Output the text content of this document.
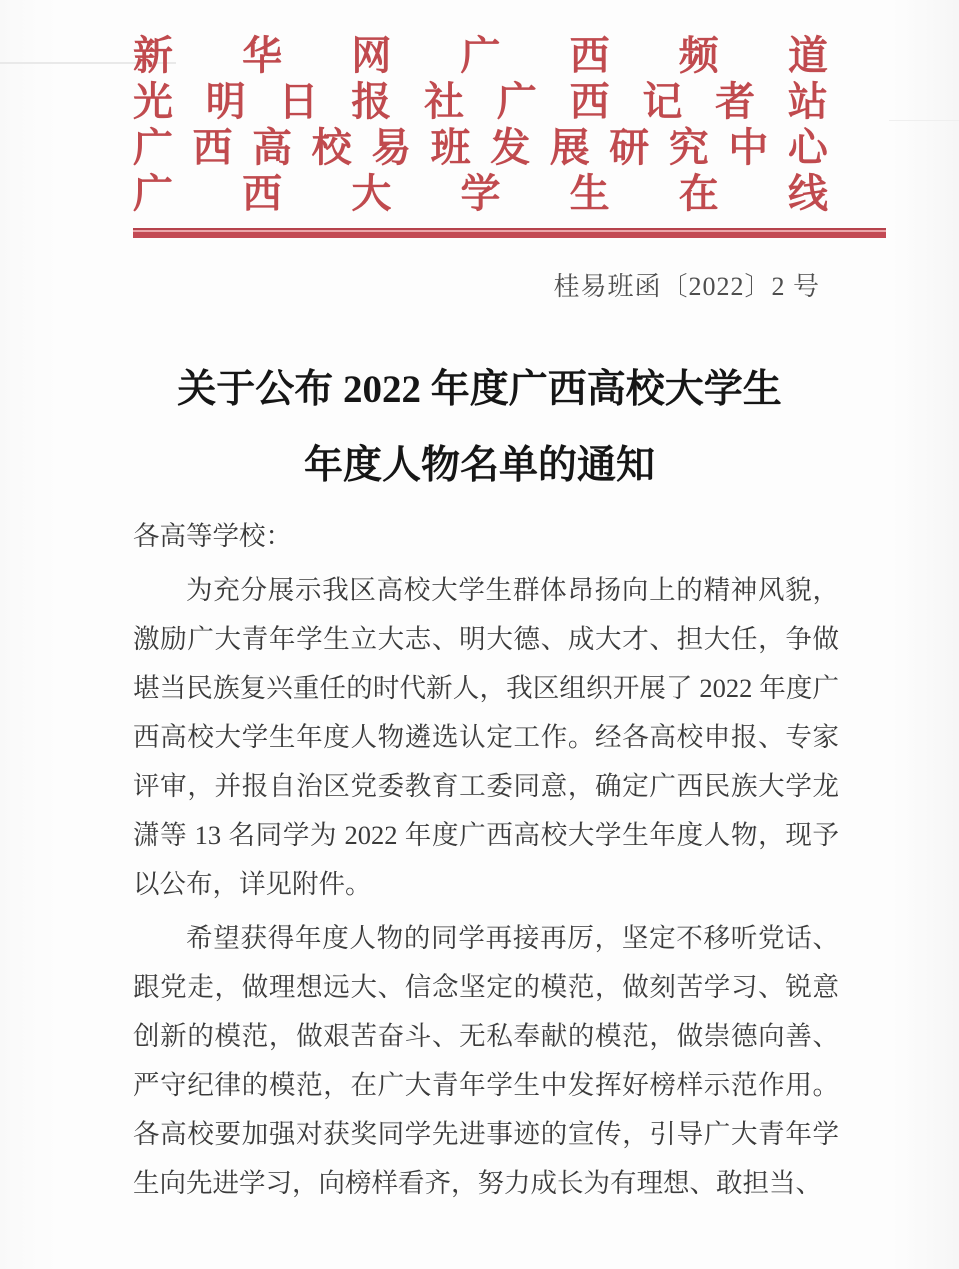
新 华 网 广 西 频 道
光 明 日 报 社 广 西 记 者 站
广 西 高 校 易 班 发 展 研 究 中 心
广 西 大 学 生 在 线
桂易班函〔2022〕2 号
关于公布 2022 年度广西高校大学生
年度人物名单的通知

各高等学校：

为充分展示我区高校大学生群体昂扬向上的精神风貌，激励广大青年学生立大志、明大德、成大才、担大任，争做堪当民族复兴重任的时代新人，我区组织开展了 2022 年度广西高校大学生年度人物遴选认定工作。经各高校申报、专家评审，并报自治区党委教育工委同意，确定广西民族大学龙潇等 13 名同学为 2022 年度广西高校大学生年度人物，现予以公布，详见附件。

希望获得年度人物的同学再接再厉，坚定不移听党话、跟党走，做理想远大、信念坚定的模范，做刻苦学习、锐意创新的模范，做艰苦奋斗、无私奉献的模范，做崇德向善、严守纪律的模范，在广大青年学生中发挥好榜样示范作用。各高校要加强对获奖同学先进事迹的宣传，引导广大青年学生向先进学习，向榜样看齐，努力成长为有理想、敢担当、
